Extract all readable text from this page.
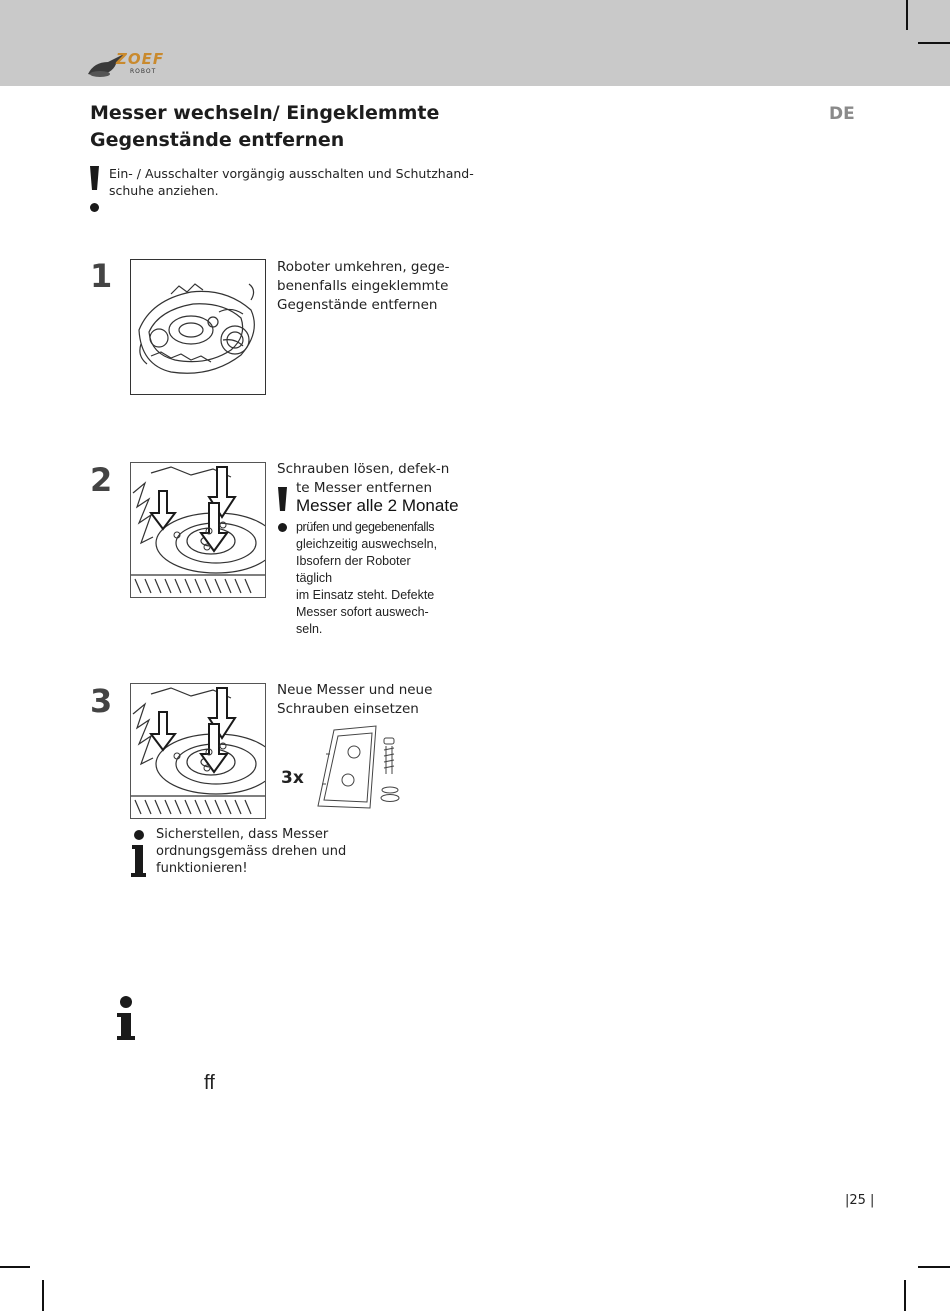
ZOEF
ROBOT
Messer wechseln/ Eingeklemmte
Gegenstände entfernen
DE
Ein- / Ausschalter vorgängig ausschalten und Schutzhand-
schuhe anziehen.
1	Roboter umkehren, gege-
benenfalls eingeklemmte
Gegenstände entfernen
2	Schrauben lösen, defek-n
te Messer entfernen
Messer alle 2 Monate
prüfen und gegebenenfalls
gleichzeitig auswechseln,
Ibsofern der Roboter
täglich
im Einsatz steht. Defekte
Messer sofort auswech-
seln.
3	Neue Messer und neue
Schrauben einsetzen
3x
Sicherstellen, dass Messer
ordnungsgemäss drehen und
funktionieren!
ff
|25 |
